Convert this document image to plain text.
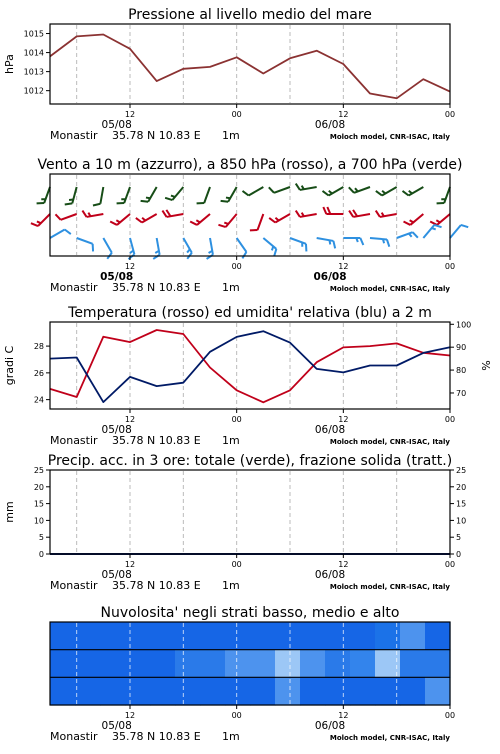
Pressione al livello medio del mare
1012
1013
1014
1015
hPa
12	00	12	00
05/08	06/08
Monastir 35.78 N 10.83 E 1m	Moloch model, CNR-ISAC, Italy
Vento a 10 m (azzurro), a 850 hPa (rosso), a 700 hPa (verde)
12	00	12	00
05/08	06/08
Monastir 35.78 N 10.83 E 1m	Moloch model, CNR-ISAC, Italy
Temperatura (rosso) ed umidita' relativa (blu) a 2 m
24
26
28
70
80
90
100
gradi C	%
12	00	12	00
05/08	06/08
Monastir 35.78 N 10.83 E 1m	Moloch model, CNR-ISAC, Italy
Precip. acc. in 3 ore: totale (verde), frazione solida (tratt.)
0
5
10
15
20
25
0
5
10
15
20
25
mm
12	00	12	00
05/08	06/08
Monastir 35.78 N 10.83 E 1m	Moloch model, CNR-ISAC, Italy
Nuvolosita' negli strati basso, medio e alto
12	00	12	00
05/08	06/08
Monastir 35.78 N 10.83 E 1m	Moloch model, CNR-ISAC, Italy
